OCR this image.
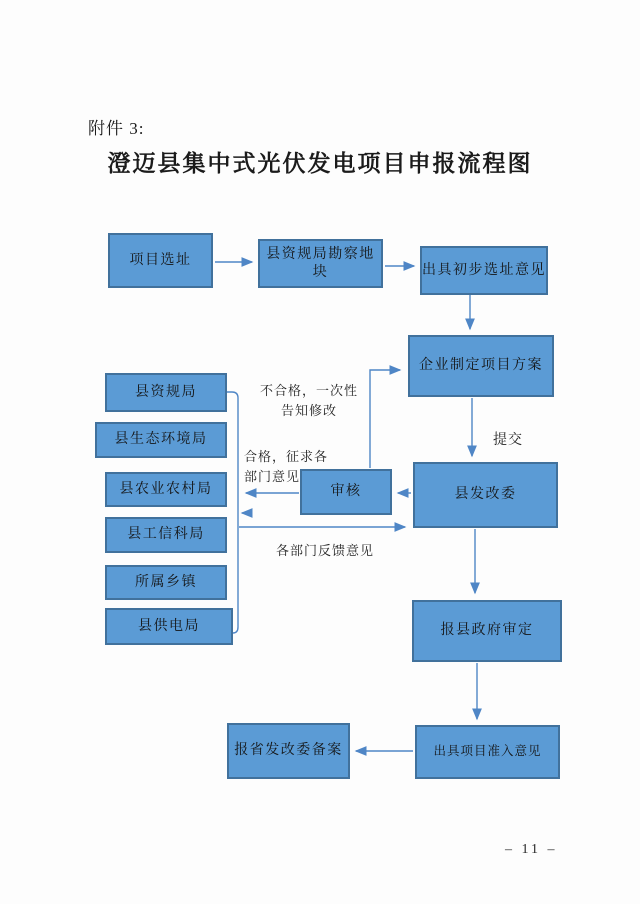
附件 3:
澄迈县集中式光伏发电项目申报流程图
项目选址	县资规局勘察地块	出具初步选址意见
企业制定项目方案
县发改委
审核
县资规局
县生态环境局
县农业农村局
县工信科局
所属乡镇
县供电局	报县政府审定
出具项目准入意见
报省发改委备案
不合格，一次性
告知修改
合格，征求各
部门意见
提交
各部门反馈意见
– 11 –
